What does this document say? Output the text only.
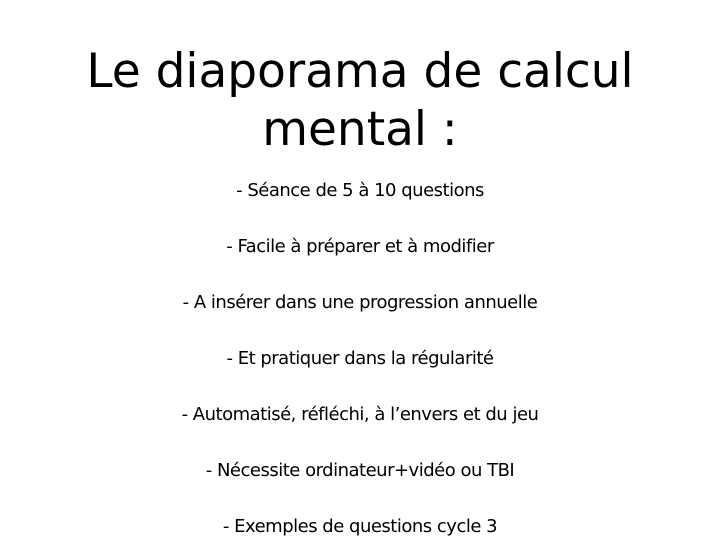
Le diaporama de calcul
mental :
- Séance de 5 à 10 questions
- Facile à préparer et à modifier
- A insérer dans une progression annuelle
- Et pratiquer dans la régularité
- Automatisé, réfléchi, à l’envers et du jeu
- Nécessite ordinateur+vidéo ou TBI
- Exemples de questions cycle 3
